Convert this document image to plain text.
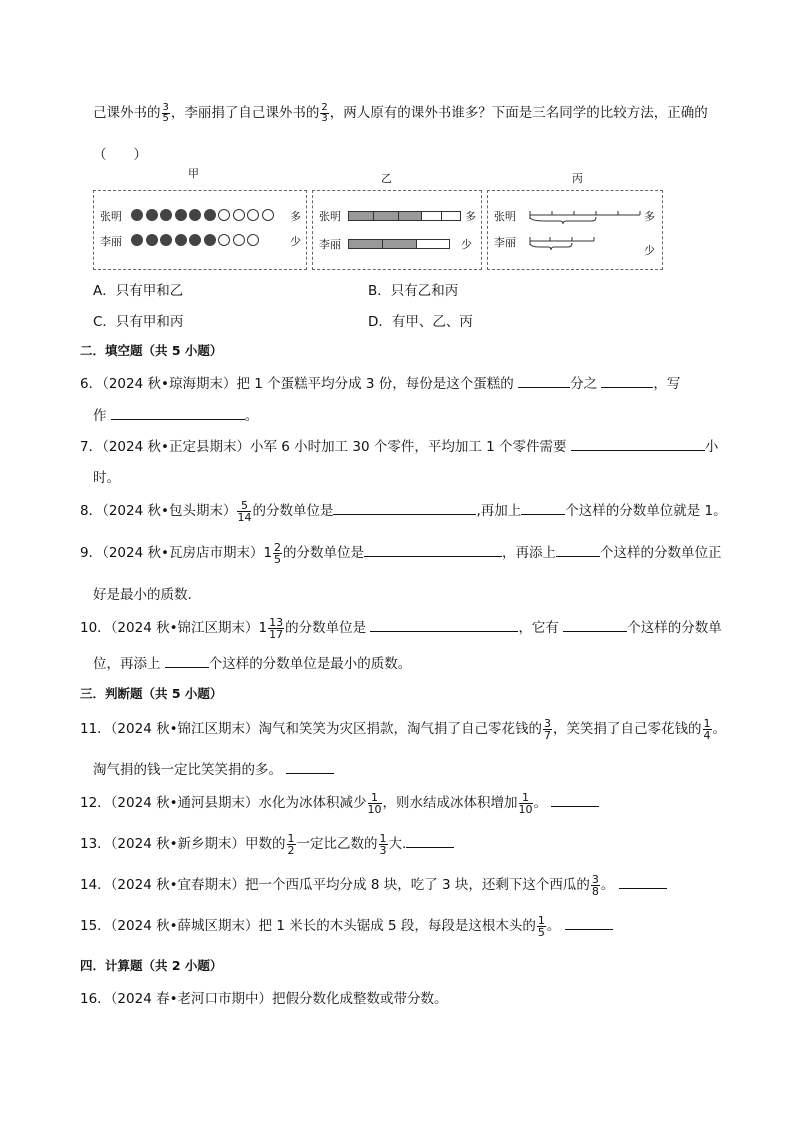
己课外书的 $\frac{3}{5}$ ，李丽捐了自己课外书的 $\frac{2}{3}$ ，两人原有的课外书谁多？下面是三名同学的比较方法，正确的
（　　）
甲	乙	丙
张明	多
李丽	少
张明	多
李丽	少
张明	多
李丽
少
A．只有甲和乙	B．只有乙和丙
C．只有甲和丙	D．有甲、乙、丙
二．填空题（共 5 小题）
6．（2024 秋•琼海期末）把 1 个蛋糕平均分成 3 份，每份是这个蛋糕的	分之	，写
作	。
7．（2024 秋•正定县期末）小军 6 小时加工 30 个零件，平均加工 1 个零件需要	小
时。
8．（2024 秋•包头期末） $\frac{5}{14}$ 的分数单位是	,再加上	个这样的分数单位就是 1。
9．（2024 秋•瓦房店市期末）$1 \frac{2}{5}$ 的分数单位是	，再添上	个这样的分数单位正
好是最小的质数.
10．（2024 秋•锦江区期末）$1 \frac{13}{17}$ 的分数单位是	，它有	个这样的分数单
位，再添上	个这样的分数单位是最小的质数。
三．判断题（共 5 小题）
11．（2024 秋•锦江区期末）淘气和笑笑为灾区捐款，淘气捐了自己零花钱的 $\frac{3}{7}$ ，笑笑捐了自己零花钱的 $\frac{1}{4}$ 。
淘气捐的钱一定比笑笑捐的多。
12．（2024 秋•通河县期末）水化为冰体积减少 $\frac{1}{10}$ ，则水结成冰体积增加 $\frac{1}{10}$ 。
13．（2024 秋•新乡期末）甲数的 $\frac{1}{2}$ 一定比乙数的 $\frac{1}{3}$ 大.
14．（2024 秋•宜春期末）把一个西瓜平均分成 8 块，吃了 3 块，还剩下这个西瓜的 $\frac{3}{8}$ 。
15．（2024 秋•薛城区期末）把 1 米长的木头锯成 5 段，每段是这根木头的 $\frac{1}{5}$ 。
四．计算题（共 2 小题）
16．（2024 春•老河口市期中）把假分数化成整数或带分数。
